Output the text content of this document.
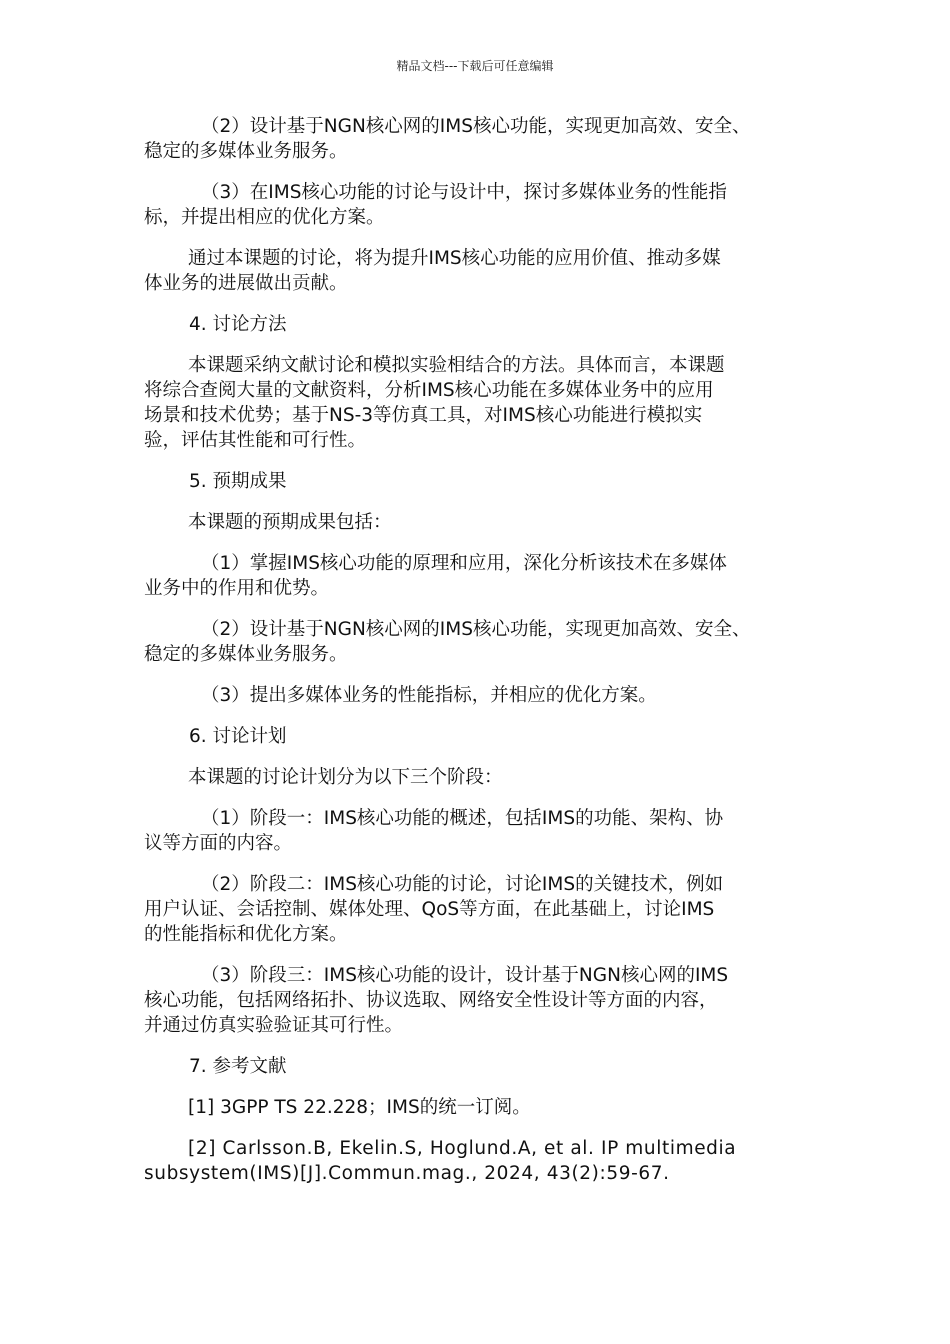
精品文档---下载后可任意编辑

（2）设计基于NGN核心网的IMS核心功能，实现更加高效、安全、
稳定的多媒体业务服务。

（3）在IMS核心功能的讨论与设计中，探讨多媒体业务的性能指
标，并提出相应的优化方案。

通过本课题的讨论，将为提升IMS核心功能的应用价值、推动多媒
体业务的进展做出贡献。

4. 讨论方法

本课题采纳文献讨论和模拟实验相结合的方法。具体而言，本课题
将综合查阅大量的文献资料，分析IMS核心功能在多媒体业务中的应用
场景和技术优势；基于NS-3等仿真工具，对IMS核心功能进行模拟实
验，评估其性能和可行性。

5. 预期成果

本课题的预期成果包括：

（1）掌握IMS核心功能的原理和应用，深化分析该技术在多媒体
业务中的作用和优势。

（2）设计基于NGN核心网的IMS核心功能，实现更加高效、安全、
稳定的多媒体业务服务。

（3）提出多媒体业务的性能指标，并相应的优化方案。

6. 讨论计划

本课题的讨论计划分为以下三个阶段：

（1）阶段一：IMS核心功能的概述，包括IMS的功能、架构、协
议等方面的内容。

（2）阶段二：IMS核心功能的讨论，讨论IMS的关键技术，例如
用户认证、会话控制、媒体处理、QoS等方面，在此基础上，讨论IMS
的性能指标和优化方案。

（3）阶段三：IMS核心功能的设计，设计基于NGN核心网的IMS
核心功能，包括网络拓扑、协议选取、网络安全性设计等方面的内容，
并通过仿真实验验证其可行性。

7. 参考文献

[1] 3GPP TS 22.228；IMS的统一订阅。

[2] Carlsson.B, Ekelin.S, Hoglund.A, et al. IP multimedia
subsystem(IMS)[J].Commun.mag., 2024, 43(2):59-67.
